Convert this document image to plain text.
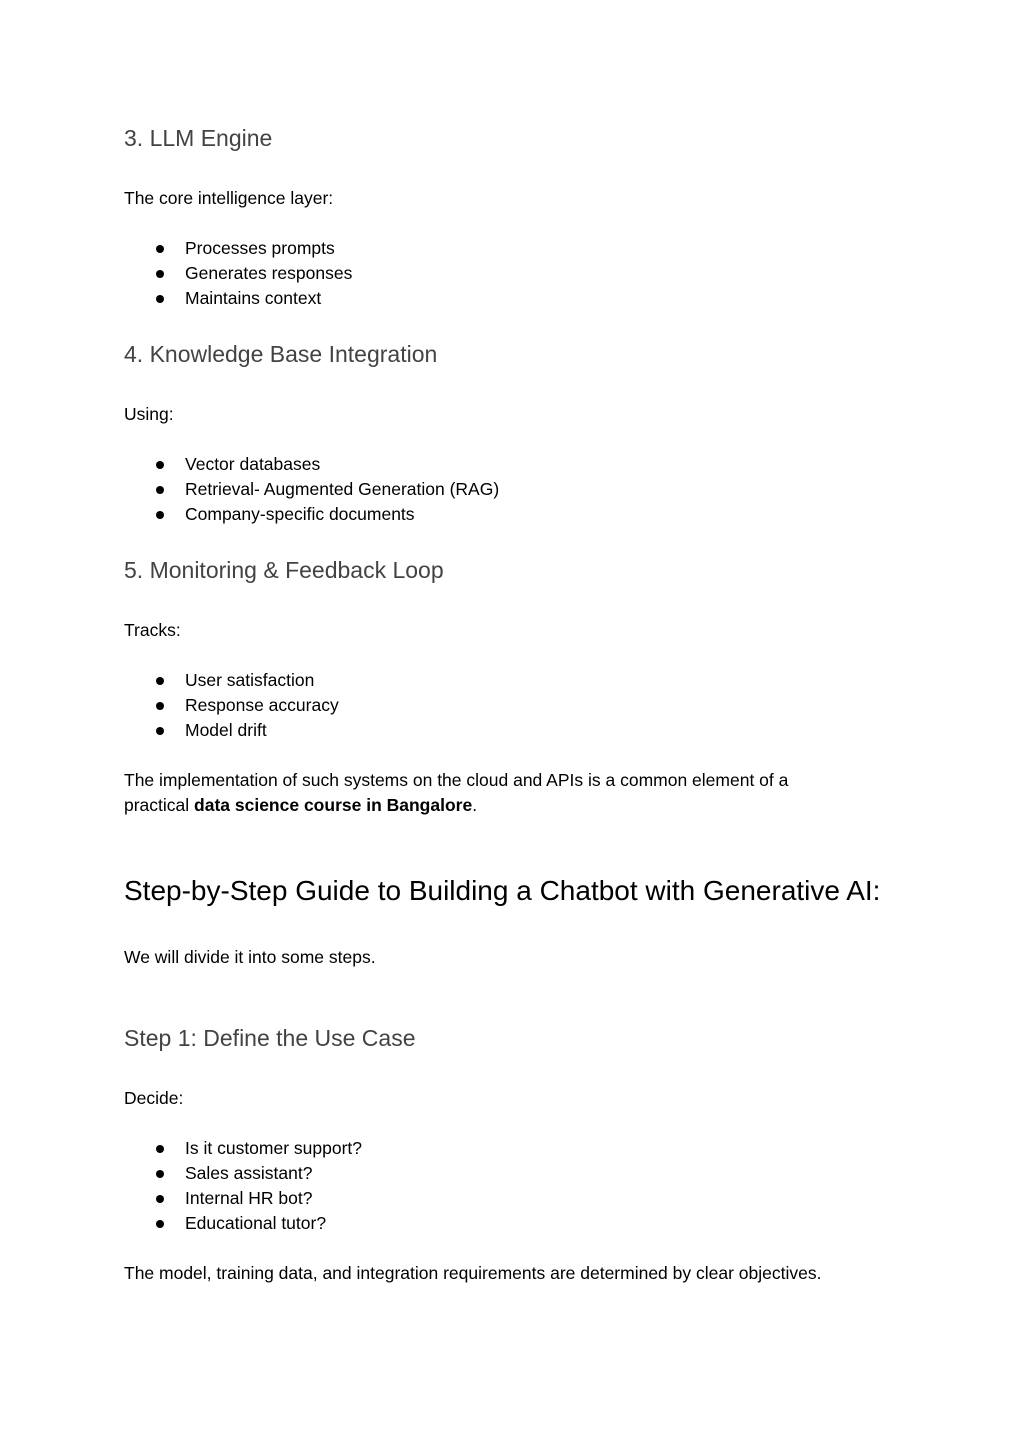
3. LLM Engine
The core intelligence layer:
Processes prompts
Generates responses
Maintains context
4. Knowledge Base Integration
Using:
Vector databases
Retrieval- Augmented Generation (RAG)
Company-specific documents
5. Monitoring & Feedback Loop
Tracks:
User satisfaction
Response accuracy
Model drift
The implementation of such systems on the cloud and APIs is a common element of a
practical data science course in Bangalore.
Step-by-Step Guide to Building a Chatbot with Generative AI:
We will divide it into some steps.
Step 1: Define the Use Case
Decide:
Is it customer support?
Sales assistant?
Internal HR bot?
Educational tutor?
The model, training data, and integration requirements are determined by clear objectives.
